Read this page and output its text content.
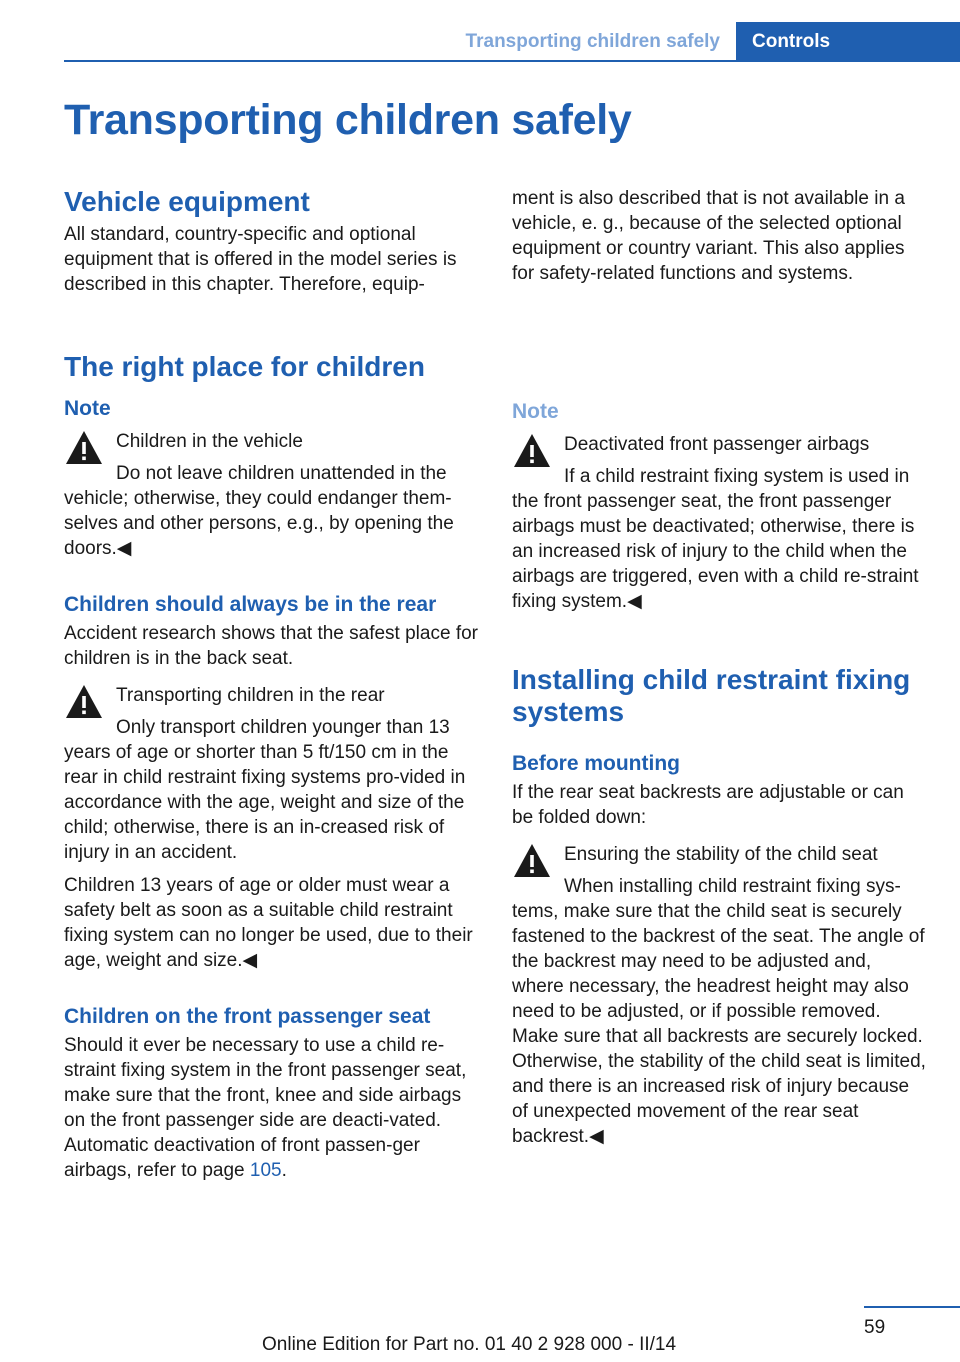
Transporting children safely	Controls
Transporting children safely
Vehicle equipment

All standard, country-specific and optional equipment that is offered in the model series is described in this chapter. Therefore, equip-

The right place for children
Note

Children in the vehicle

Do not leave children unattended in the vehicle; otherwise, they could endanger them-selves and other persons, e.g., by opening the doors.◀

Children should always be in the rear

Accident research shows that the safest place for children is in the back seat.

Transporting children in the rear

Only transport children younger than 13 years of age or shorter than 5 ft/150 cm in the rear in child restraint fixing systems pro-vided in accordance with the age, weight and size of the child; otherwise, there is an in-creased risk of injury in an accident.

Children 13 years of age or older must wear a safety belt as soon as a suitable child restraint fixing system can no longer be used, due to their age, weight and size.◀

Children on the front passenger seat

Should it ever be necessary to use a child re-straint fixing system in the front passenger seat, make sure that the front, knee and side airbags on the front passenger side are deacti-vated. Automatic deactivation of front passen-ger airbags, refer to page 105.

ment is also described that is not available in a vehicle, e. g., because of the selected optional equipment or country variant. This also applies for safety-related functions and systems.

Note

Deactivated front passenger airbags

If a child restraint fixing system is used in the front passenger seat, the front passenger airbags must be deactivated; otherwise, there is an increased risk of injury to the child when the airbags are triggered, even with a child re-straint fixing system.◀

Installing child restraint fixing systems
Before mounting

If the rear seat backrests are adjustable or can be folded down:

Ensuring the stability of the child seat

When installing child restraint fixing sys-tems, make sure that the child seat is securely fastened to the backrest of the seat. The angle of the backrest may need to be adjusted and, where necessary, the headrest height may also need to be adjusted, or if possible removed. Make sure that all backrests are securely locked. Otherwise, the stability of the child seat is limited, and there is an increased risk of injury because of unexpected movement of the rear seat backrest.◀

59
Online Edition for Part no. 01 40 2 928 000 - II/14
